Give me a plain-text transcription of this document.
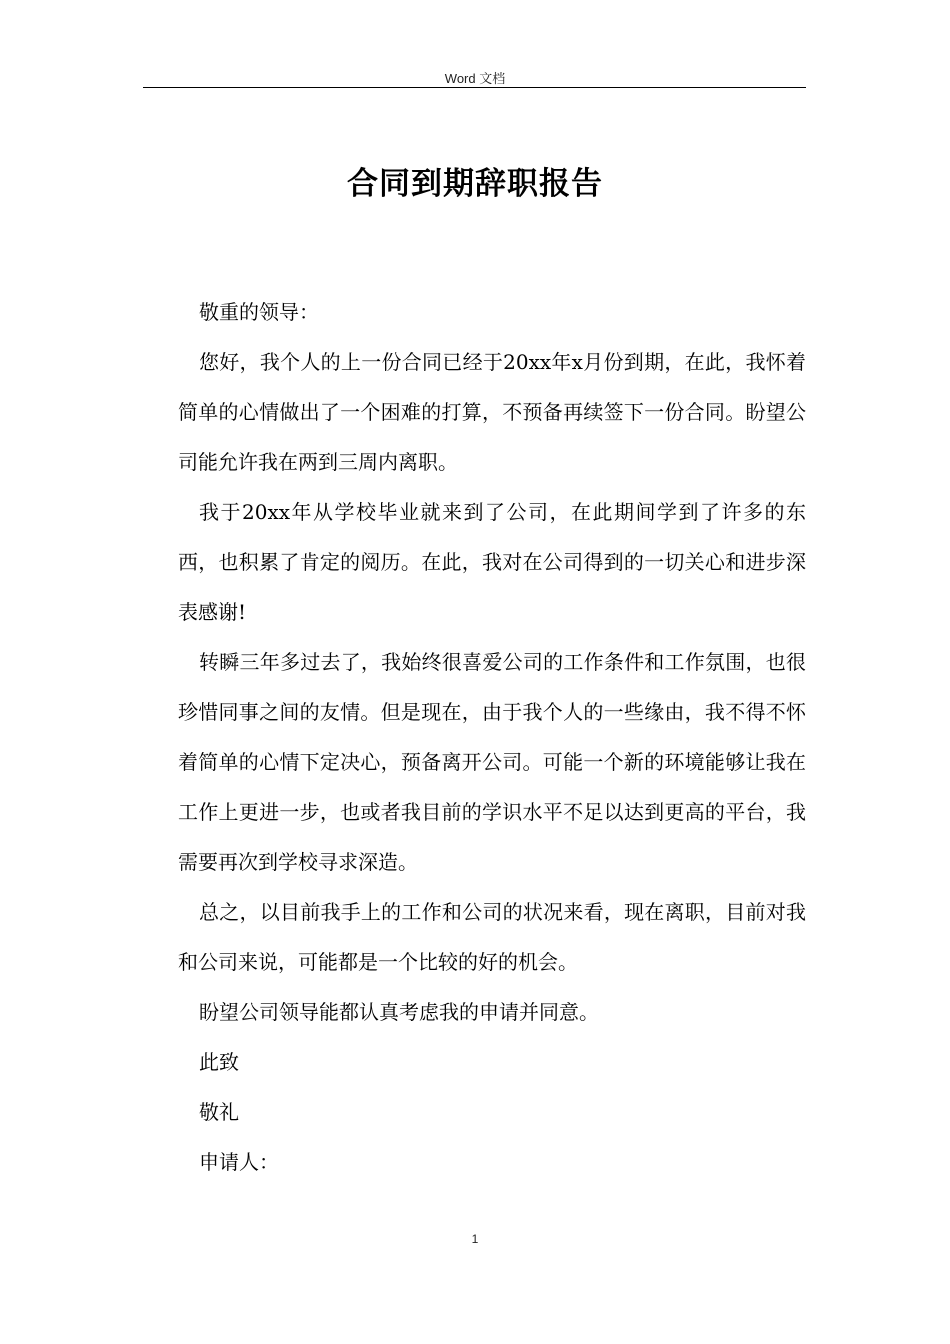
Word 文档
合同到期辞职报告

敬重的领导：

您好，我个人的上一份合同已经于20xx年x月份到期，在此，我怀着简单的心情做出了一个困难的打算，不预备再续签下一份合同。盼望公司能允许我在两到三周内离职。

我于20xx年从学校毕业就来到了公司，在此期间学到了许多的东西，也积累了肯定的阅历。在此，我对在公司得到的一切关心和进步深表感谢!

转瞬三年多过去了，我始终很喜爱公司的工作条件和工作氛围，也很珍惜同事之间的友情。但是现在，由于我个人的一些缘由，我不得不怀着简单的心情下定决心，预备离开公司。可能一个新的环境能够让我在工作上更进一步，也或者我目前的学识水平不足以达到更高的平台，我需要再次到学校寻求深造。

总之，以目前我手上的工作和公司的状况来看，现在离职，目前对我和公司来说，可能都是一个比较的好的机会。

盼望公司领导能都认真考虑我的申请并同意。

此致

敬礼

申请人：

1
